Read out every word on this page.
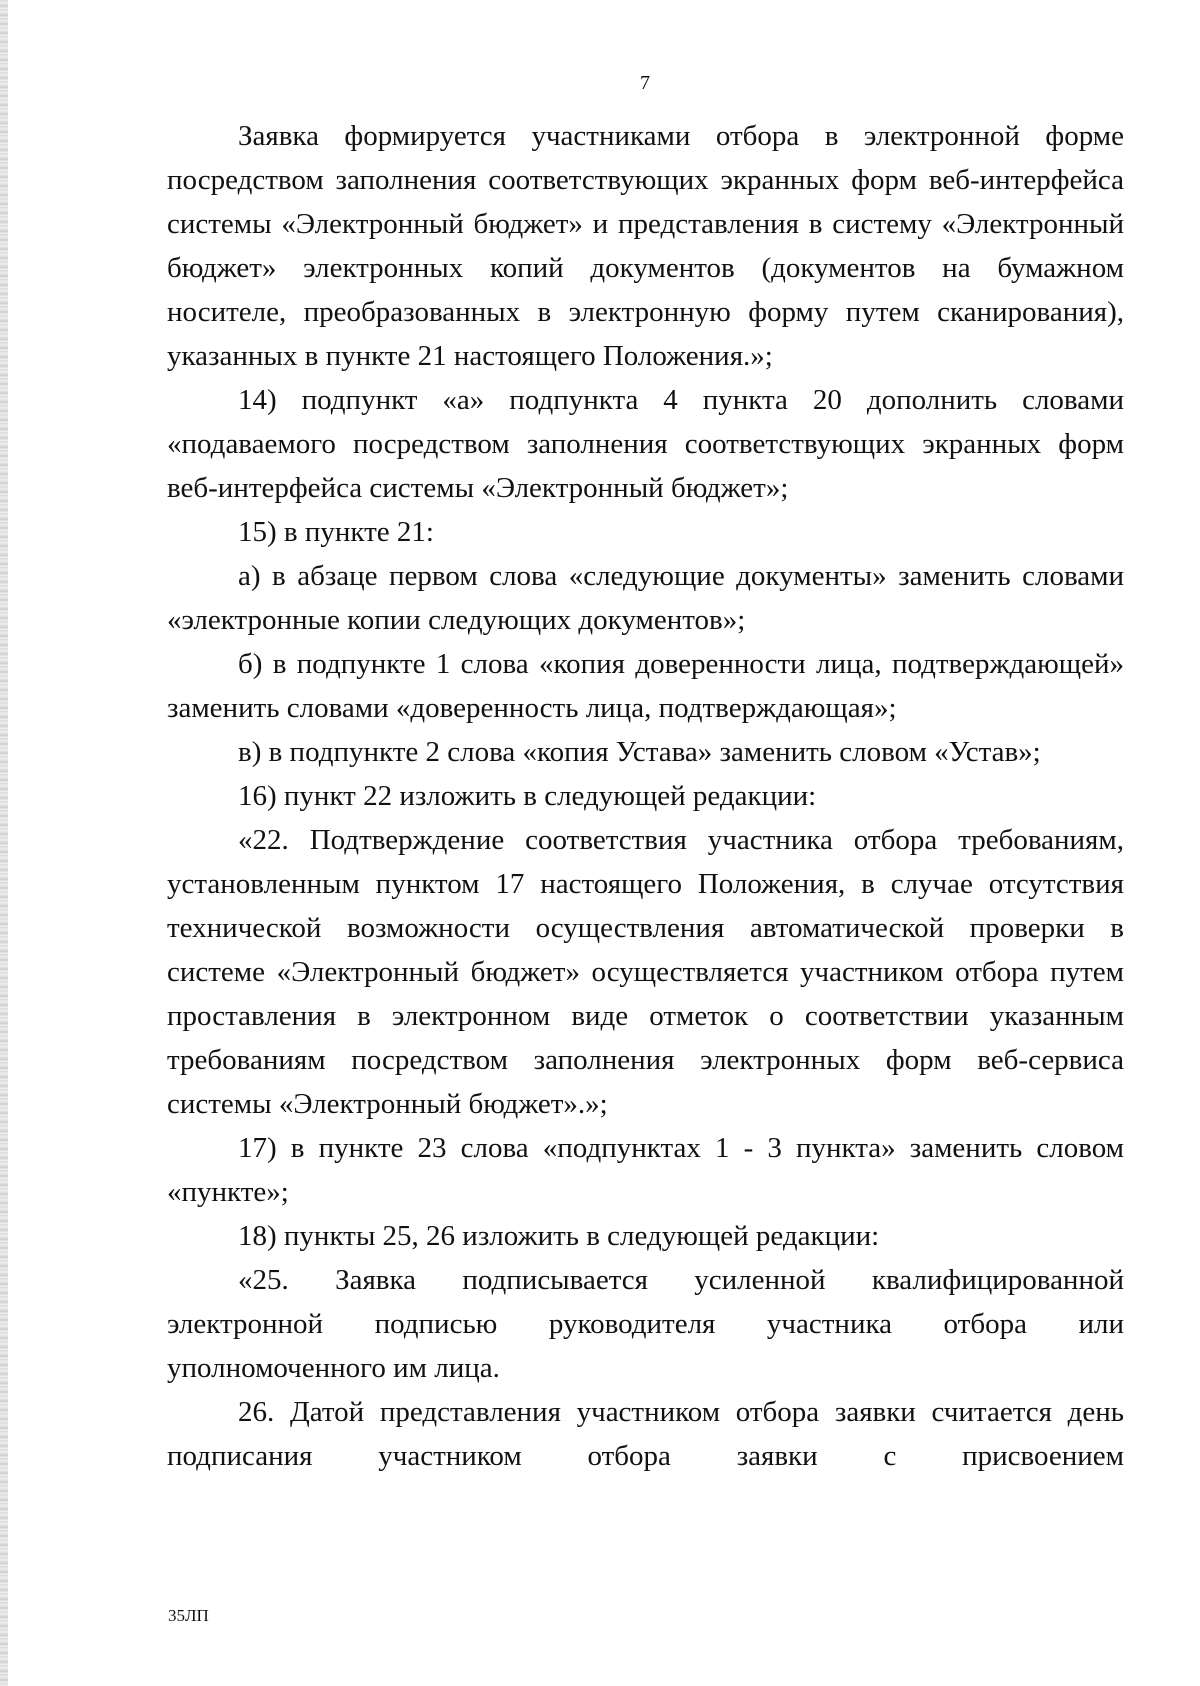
7

Заявка формируется участниками отбора в электронной форме посредством заполнения соответствующих экранных форм веб-интерфейса системы «Электронный бюджет» и представления в систему «Электронный бюджет» электронных копий документов (документов на бумажном носителе, преобразованных в электронную форму путем сканирования), указанных в пункте 21 настоящего Положения.»;

14) подпункт «а» подпункта 4 пункта 20 дополнить словами «подаваемого посредством заполнения соответствующих экранных форм веб-интерфейса системы «Электронный бюджет»;

15) в пункте 21:

а) в абзаце первом слова «следующие документы» заменить словами «электронные копии следующих документов»;

б) в подпункте 1 слова «копия доверенности лица, подтверждающей» заменить словами «доверенность лица, подтверждающая»;

в) в подпункте 2 слова «копия Устава» заменить словом «Устав»;

16) пункт 22 изложить в следующей редакции:

«22. Подтверждение соответствия участника отбора требованиям, установленным пунктом 17 настоящего Положения, в случае отсутствия технической возможности осуществления автоматической проверки в системе «Электронный бюджет» осуществляется участником отбора путем проставления в электронном виде отметок о соответствии указанным требованиям посредством заполнения электронных форм веб-сервиса системы «Электронный бюджет».»;

17) в пункте 23 слова «подпунктах 1 - 3 пункта» заменить словом «пункте»;

18) пункты 25, 26 изложить в следующей редакции:

«25. Заявка подписывается усиленной квалифицированной электронной подписью руководителя участника отбора или уполномоченного им лица.

26. Датой представления участником отбора заявки считается день подписания участником отбора заявки с присвоением

35ЛП
